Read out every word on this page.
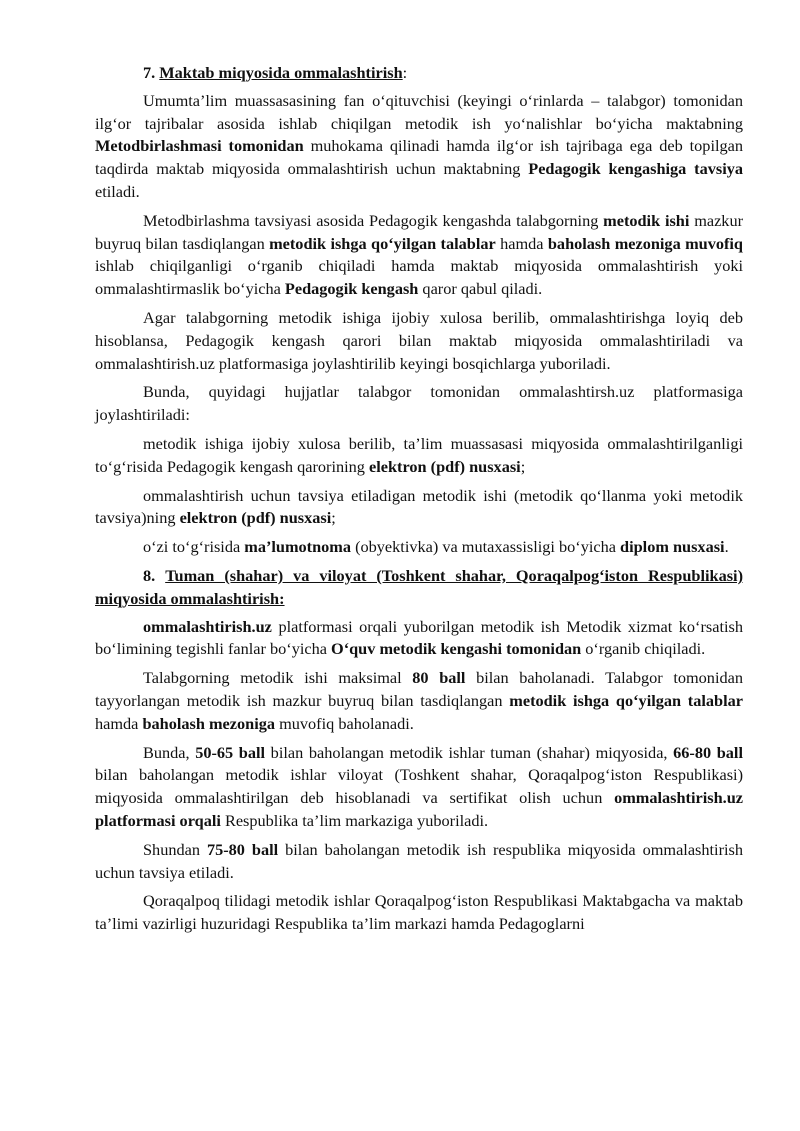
7. Maktab miqyosida ommalashtirish:

Umumta’lim muassasasining fan o‘qituvchisi (keyingi o‘rinlarda – talabgor) tomonidan ilg‘or tajribalar asosida ishlab chiqilgan metodik ish yo‘nalishlar bo‘yicha maktabning Metodbirlashmasi tomonidan muhokama qilinadi hamda ilg‘or ish tajribaga ega deb topilgan taqdirda maktab miqyosida ommalashtirish uchun maktabning Pedagogik kengashiga tavsiya etiladi.

Metodbirlashma tavsiyasi asosida Pedagogik kengashda talabgorning metodik ishi mazkur buyruq bilan tasdiqlangan metodik ishga qo‘yilgan talablar hamda baholash mezoniga muvofiq ishlab chiqilganligi o‘rganib chiqiladi hamda maktab miqyosida ommalashtirish yoki ommalashtirmaslik bo‘yicha Pedagogik kengash qaror qabul qiladi.

Agar talabgorning metodik ishiga ijobiy xulosa berilib, ommalashtirishga loyiq deb hisoblansa, Pedagogik kengash qarori bilan maktab miqyosida ommalashtiriladi va ommalashtirish.uz platformasiga joylashtirilib keyingi bosqichlarga yuboriladi.

Bunda, quyidagi hujjatlar talabgor tomonidan ommalashtirsh.uz platformasiga joylashtiriladi:

metodik ishiga ijobiy xulosa berilib, ta’lim muassasasi miqyosida ommalashtirilganligi to‘g‘risida Pedagogik kengash qarorining elektron (pdf) nusxasi;

ommalashtirish uchun tavsiya etiladigan metodik ishi (metodik qo‘llanma yoki metodik tavsiya)ning elektron (pdf) nusxasi;

o‘zi to‘g‘risida ma’lumotnoma (obyektivka) va mutaxassisligi bo‘yicha diplom nusxasi.

8. Tuman (shahar) va viloyat (Toshkent shahar, Qoraqalpog‘iston Respublikasi) miqyosida ommalashtirish:

ommalashtirish.uz platformasi orqali yuborilgan metodik ish Metodik xizmat ko‘rsatish bo‘limining tegishli fanlar bo‘yicha O‘quv metodik kengashi tomonidan o‘rganib chiqiladi.

Talabgorning metodik ishi maksimal 80 ball bilan baholanadi. Talabgor tomonidan tayyorlangan metodik ish mazkur buyruq bilan tasdiqlangan metodik ishga qo‘yilgan talablar hamda baholash mezoniga muvofiq baholanadi.

Bunda, 50-65 ball bilan baholangan metodik ishlar tuman (shahar) miqyosida, 66-80 ball bilan baholangan metodik ishlar viloyat (Toshkent shahar, Qoraqalpog‘iston Respublikasi) miqyosida ommalashtirilgan deb hisoblanadi va sertifikat olish uchun ommalashtirish.uz platformasi orqali Respublika ta’lim markaziga yuboriladi.

Shundan 75-80 ball bilan baholangan metodik ish respublika miqyosida ommalashtirish uchun tavsiya etiladi.

Qoraqalpoq tilidagi metodik ishlar Qoraqalpog‘iston Respublikasi Maktabgacha va maktab ta’limi vazirligi huzuridagi Respublika ta’lim markazi hamda Pedagoglarni
